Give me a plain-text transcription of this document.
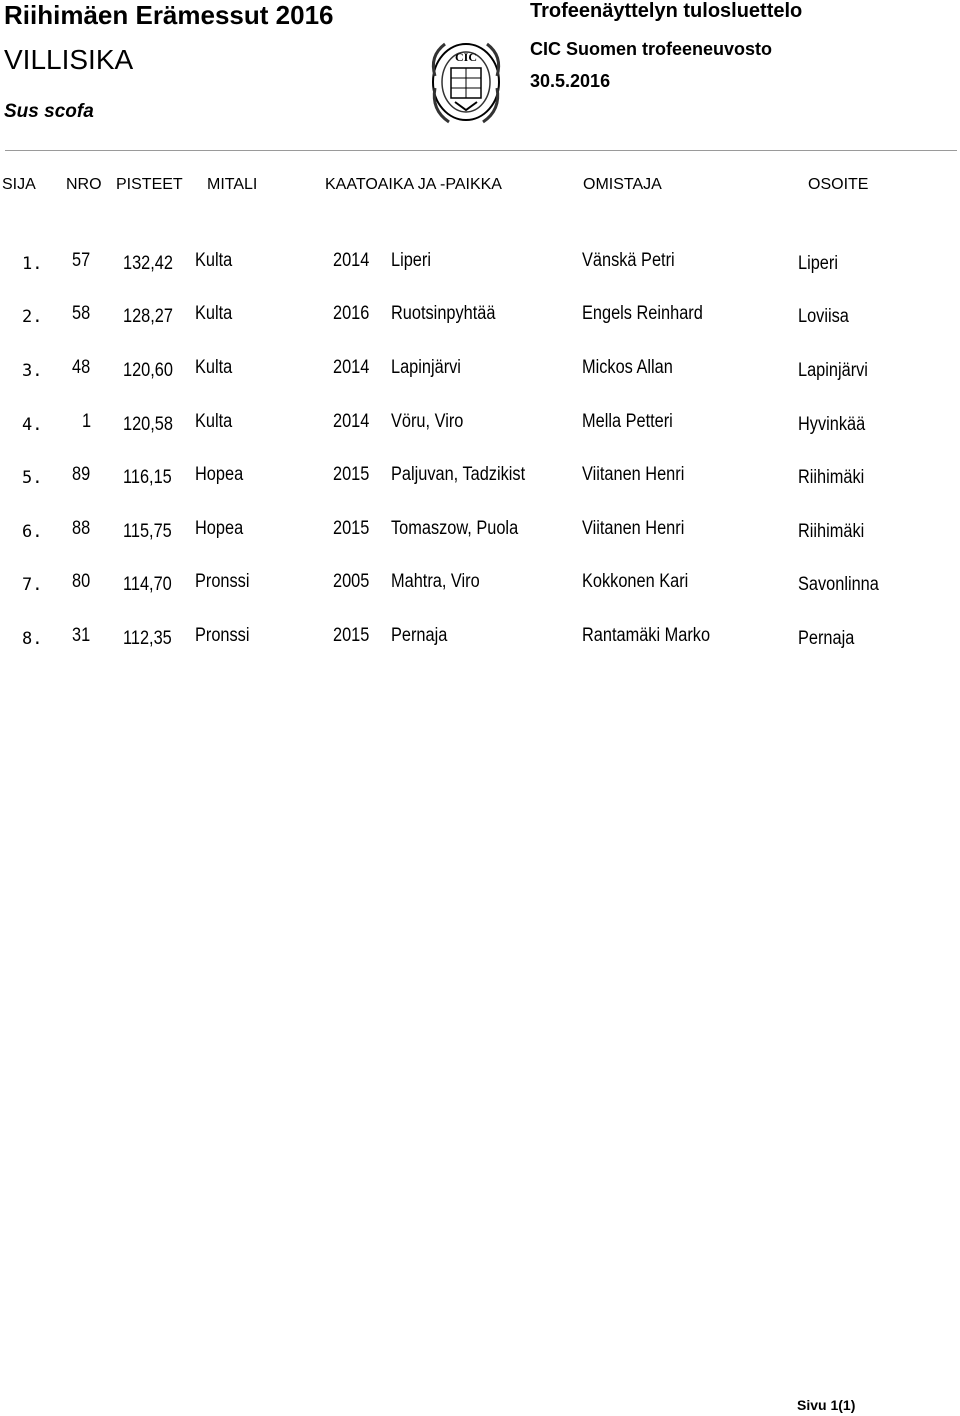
Riihimäen Erämessut 2016
VILLISIKA
Sus scofa
CIC
Trofeenäyttelyn tulosluettelo
CIC Suomen trofeeneuvosto
30.5.2016
SIJA NRO PISTEET MITALI	KAATOAIKA JA -PAIKKA	OMISTAJA	OSOITE
1. 57 132,42 Kulta	2014 Liperi	Vänskä Petri	Liperi
2. 58 128,27 Kulta	2016 Ruotsinpyhtää	Engels Reinhard	Loviisa
3. 48 120,60 Kulta	2014 Lapinjärvi	Mickos Allan	Lapinjärvi
4. 1 120,58 Kulta	2014 Vöru, Viro	Mella Petteri	Hyvinkää
5. 89 116,15 Hopea	2015 Paljuvan, Tadzikist	Viitanen Henri	Riihimäki
6. 88 115,75 Hopea	2015 Tomaszow, Puola	Viitanen Henri	Riihimäki
7. 80 114,70 Pronssi	2005 Mahtra, Viro	Kokkonen Kari	Savonlinna
8. 31 112,35 Pronssi	2015 Pernaja	Rantamäki Marko	Pernaja
Sivu 1(1)
